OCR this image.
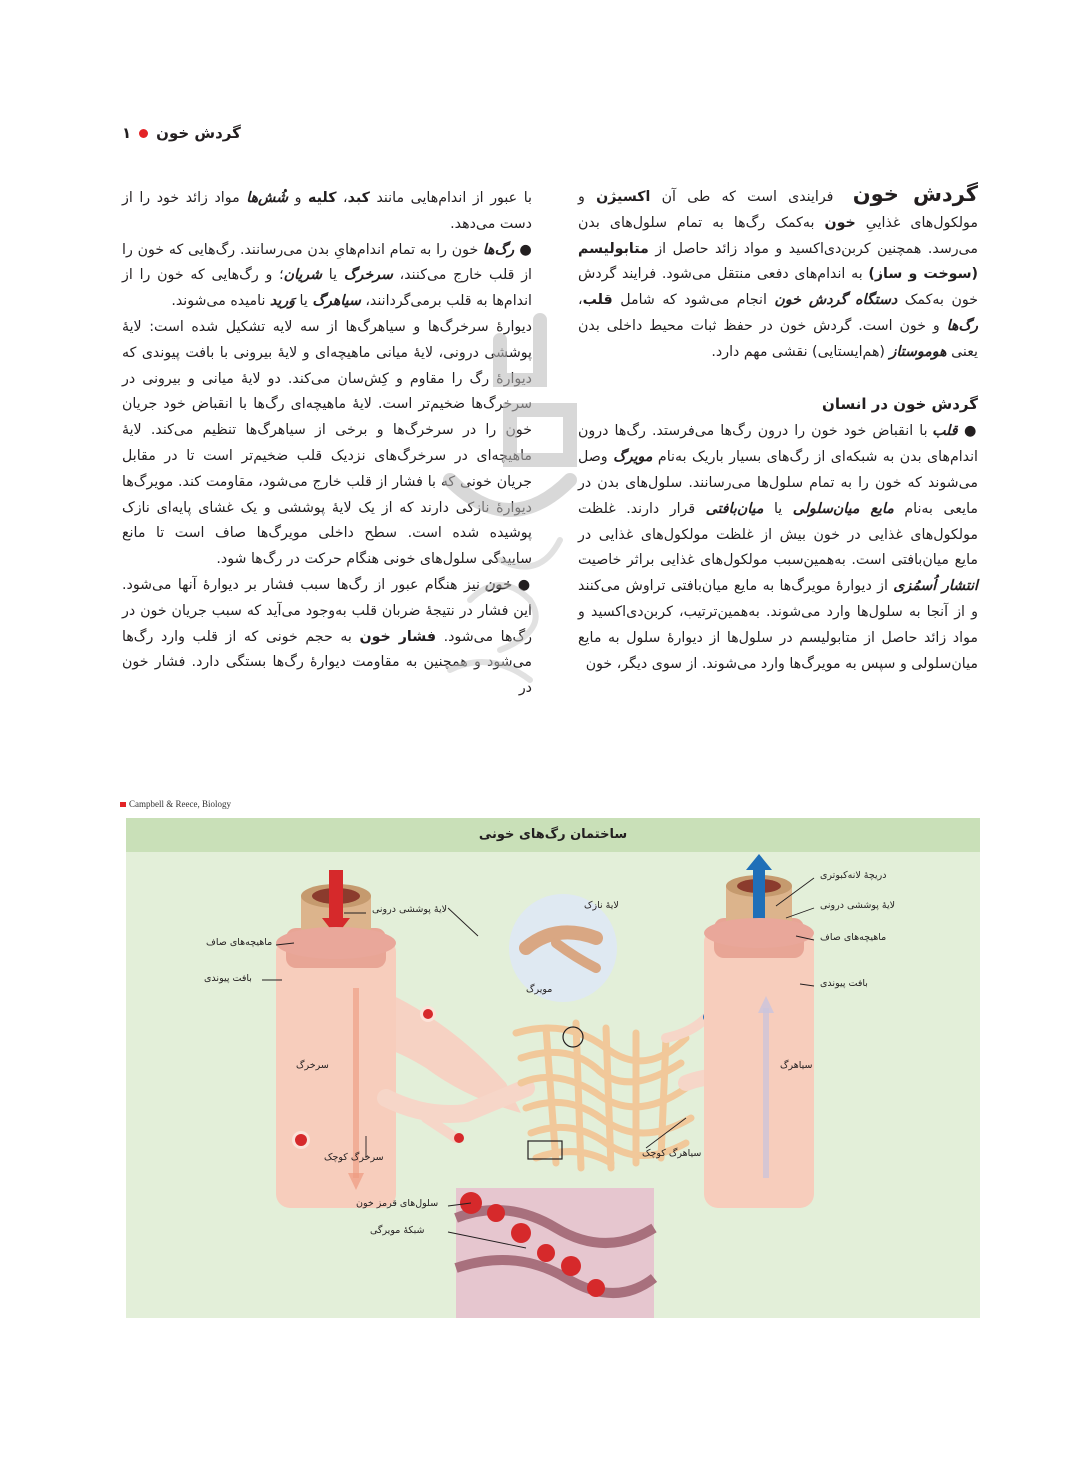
گردش خون
۱

گردش خون فرایندی است که طی آن اکسیژن و مولکول‌های غذاییِ خون به‌کمک رگ‌ها به تمام سلول‌های بدن می‌رسد. همچنین کربن‌دی‌اکسید و مواد زائد حاصل از متابولیسم (سوخت و ساز) به اندام‌های دفعی منتقل می‌شود. فرایند گردش خون به‌کمک دستگاه گردش خون انجام می‌شود که شامل قلب، رگ‌ها و خون است. گردش خون در حفظ ثبات محیط داخلی بدن یعنی هوموستاز (هم‌ایستایی) نقشی مهم دارد.

گردش خون در انسان

● قلب با انقباض خود خون را درون رگ‌ها می‌فرستد. رگ‌ها درون اندام‌های بدن به شبکه‌ای از رگ‌های بسیار باریک به‌نام مویرگ وصل می‌شوند که خون را به تمام سلول‌ها می‌رسانند. سلول‌های بدن در مایعی به‌نام مایع میان‌سلولی یا میان‌بافتی قرار دارند. غلظت مولکول‌های غذایی در خون بیش از غلظت مولکول‌های غذایی در مایع میان‌بافتی است. به‌همین‌سبب مولکول‌های غذایی براثر خاصیت انتشار اُسمُزی از دیوارهٔ مویرگ‌ها به مایع میان‌بافتی تراوش می‌کنند و از آنجا به سلول‌ها وارد می‌شوند. به‌همین‌ترتیب، کربن‌دی‌اکسید و مواد زائد حاصل از متابولیسم در سلول‌ها از دیوارهٔ سلول به مایع میان‌سلولی و سپس به مویرگ‌ها وارد می‌شوند. از سوی دیگر، خون

با عبور از اندام‌هایی مانند کبد، کلیه و شُش‌ها مواد زائد خود را از دست می‌دهد.

● رگ‌ها خون را به تمام اندام‌هایِ بدن می‌رسانند. رگ‌هایی که خون را از قلب خارج می‌کنند، سرخرگ یا شریان؛ و رگ‌هایی که خون را از اندام‌ها به قلب برمی‌گردانند، سیاهرگ یا وَرید نامیده می‌شوند.

دیوارهٔ سرخرگ‌ها و سیاهرگ‌ها از سه لایه تشکیل شده است: لایهٔ پوششی درونی، لایهٔ میانی ماهیچه‌ای و لایهٔ بیرونی با بافت پیوندی که دیوارهٔ رگ را مقاوم و کِش‌سان می‌کند. دو لایهٔ میانی و بیرونی در سرخرگ‌ها ضخیم‌تر است. لایهٔ ماهیچه‌ای رگ‌ها با انقباض خود جریان خون را در سرخرگ‌ها و برخی از سیاهرگ‌ها تنظیم می‌کند. لایهٔ ماهیچه‌ای در سرخرگ‌های نزدیک قلب ضخیم‌تر است تا در مقابل جریان خونی که با فشار از قلب خارج می‌شود، مقاومت کند. مویرگ‌ها دیوارهٔ نازکی دارند که از یک لایهٔ پوششی و یک غشای پایه‌ای نازک پوشیده شده است. سطح داخلی مویرگ‌ها صاف است تا مانع ساییدگی سلول‌های خونی هنگام حرکت در رگ‌ها شود.

● خون نیز هنگام عبور از رگ‌ها سبب فشار بر دیوارهٔ آنها می‌شود. این فشار در نتیجهٔ ضربان قلب به‌وجود می‌آید که سبب جریان خون در رگ‌ها می‌شود. فشار خون به حجم خونی که از قلب وارد رگ‌ها می‌شود و همچنین به مقاومت دیوارهٔ رگ‌ها بستگی دارد. فشار خون در

Campbell & Reece, Biology
ساختمان رگ‌های خونی
لایهٔ پوششی درونی
ماهیچه‌های صاف
بافت پیوندی
سرخرگ
سرخرگ کوچک
لایهٔ نازک
مویرگ
سیاهرگ کوچک
سیاهرگ
دریچهٔ لانه‌کبوتری
لایهٔ پوششی درونی
ماهیچه‌های صاف
بافت پیوندی
سلول‌های قرمز خون
شبکهٔ مویرگی
